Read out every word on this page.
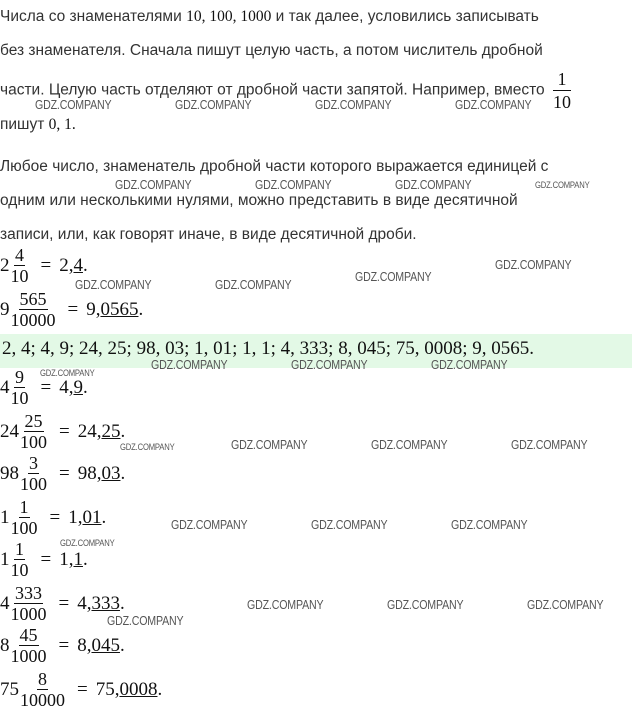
Числа со знаменателями 10, 100, 1000 и так далее, условились записывать
без знаменателя. Сначала пишут целую часть, а потом числитель дробной
части. Целую часть отделяют от дробной части запятой. Например, вместо $\frac{1}{10}$
пишут 0, 1.
Любое число, знаменатель дробной части которого выражается единицей с
одним или несколькими нулями, можно представить в виде десятичной
записи, или, как говорят иначе, в виде десятичной дроби.
$2 \frac{4}{10} = 2$, 4 .
$9 \frac{565}{10000} = 9$, 0565 .
2, 4; 4, 9; 24, 25; 98, 03; 1, 01; 1, 1; 4, 333; 8, 045; 75, 0008; 9, 0565.
$4 \frac{9}{10} = 4$, 9 .
$24 \frac{25}{100} = 24$, 25 .
$98 \frac{3}{100} = 98$, 03 .
$1 \frac{1}{100} = 1$, 01 .
$1 \frac{1}{10} = 1$, 1 .
$4 \frac{333}{1000} = 4$, 333 .
$8 \frac{45}{1000} = 8$, 045 .
$75 \frac{8}{10000} = 75$, 0008 .
GDZ.COMPANY	GDZ.COMPANY	GDZ.COMPANY	GDZ.COMPANY
GDZ.COMPANY	GDZ.COMPANY	GDZ.COMPANY	GDZ.COMPANY
GDZ.COMPANY
GDZ.COMPANY
GDZ.COMPANY	GDZ.COMPANY
GDZ.COMPANY	GDZ.COMPANY	GDZ.COMPANY
GDZ.COMPANY
GDZ.COMPANY	GDZ.COMPANY	GDZ.COMPANY	GDZ.COMPANY
GDZ.COMPANY	GDZ.COMPANY	GDZ.COMPANY
GDZ.COMPANY
GDZ.COMPANY	GDZ.COMPANY	GDZ.COMPANY
GDZ.COMPANY
